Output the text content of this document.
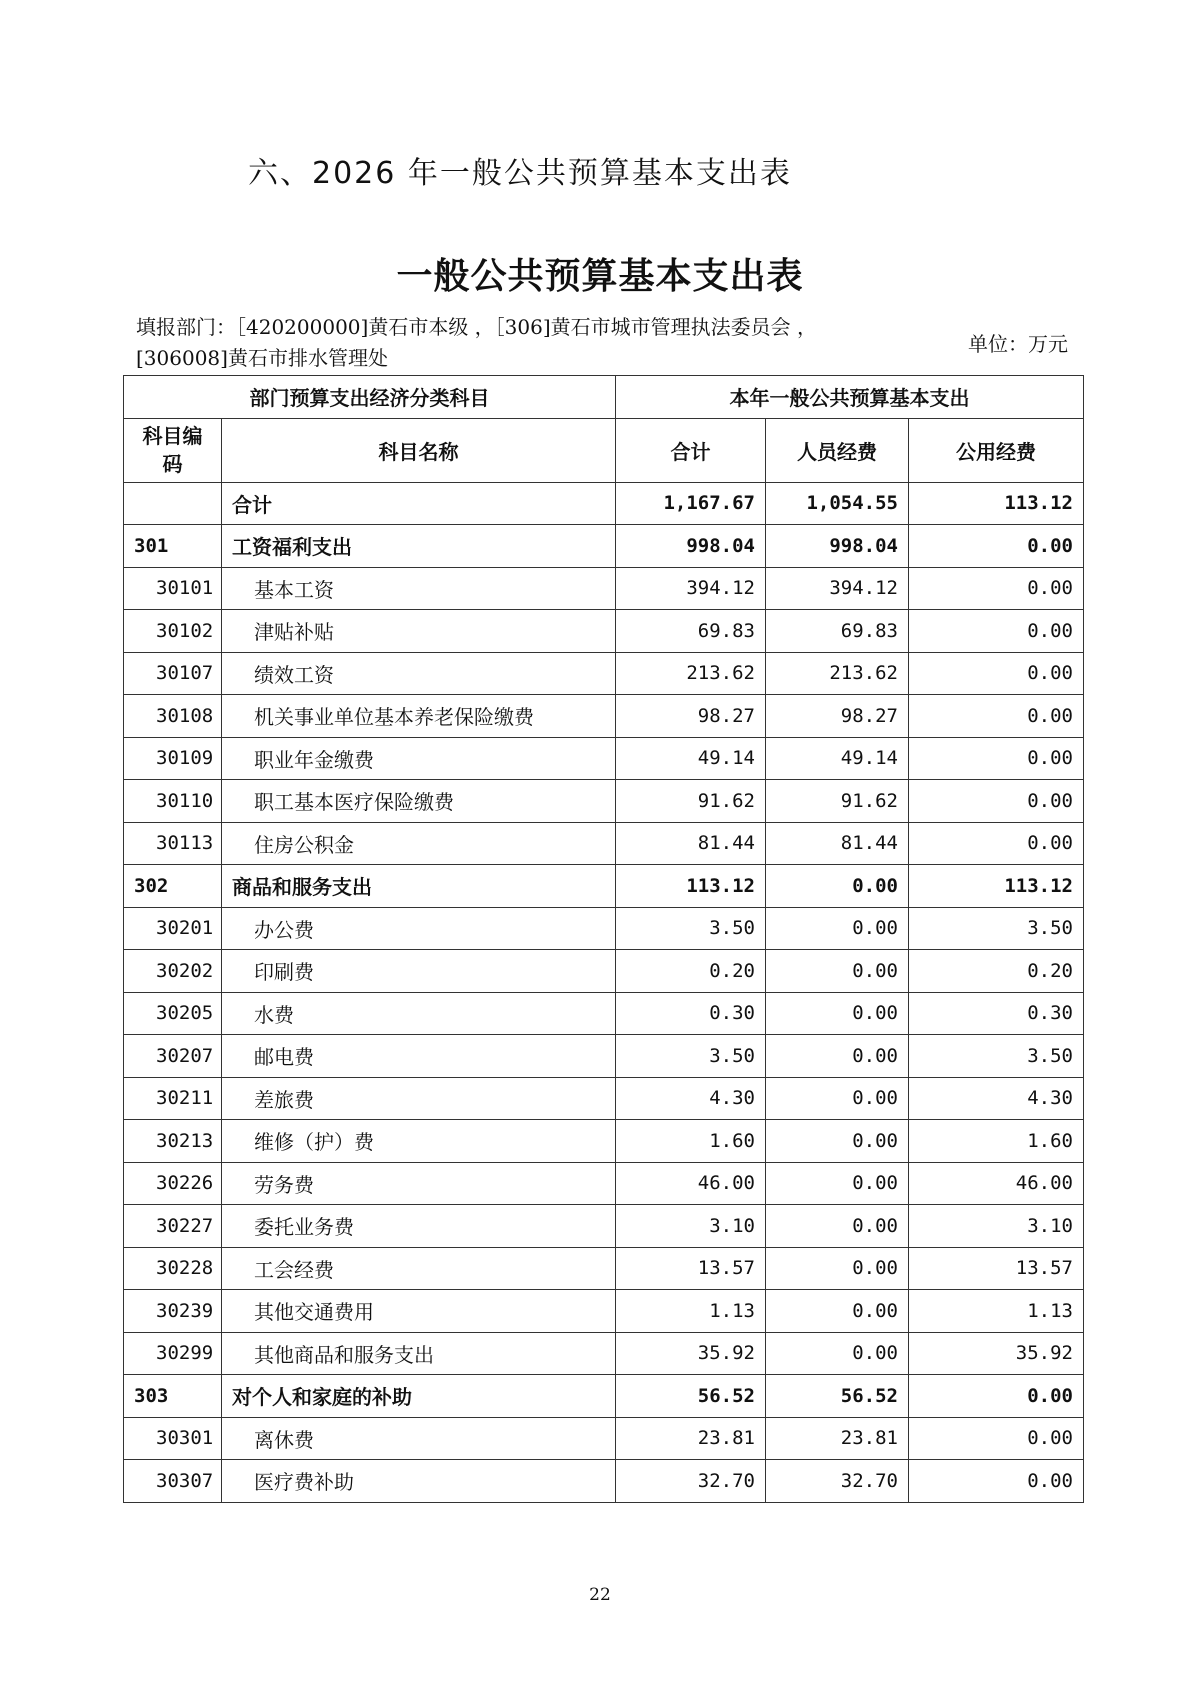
六、2026 年一般公共预算基本支出表
一般公共预算基本支出表
填报部门：［420200000]黄石市本级 ，［306]黄石市城市管理执法委员会 ，
[306008]黄石市排水管理处
单位：万元
部门预算支出经济分类科目		本年一般公共预算基本支出		
科目编码	科目名称	合计	人员经费	公用经费
	合计	1,167.67	1,054.55	113.12
301	工资福利支出	998.04	998.04	0.00
30101	基本工资	394.12	394.12	0.00
30102	津贴补贴	69.83	69.83	0.00
30107	绩效工资	213.62	213.62	0.00
30108	机关事业单位基本养老保险缴费	98.27	98.27	0.00
30109	职业年金缴费	49.14	49.14	0.00
30110	职工基本医疗保险缴费	91.62	91.62	0.00
30113	住房公积金	81.44	81.44	0.00
302	商品和服务支出	113.12	0.00	113.12
30201	办公费	3.50	0.00	3.50
30202	印刷费	0.20	0.00	0.20
30205	水费	0.30	0.00	0.30
30207	邮电费	3.50	0.00	3.50
30211	差旅费	4.30	0.00	4.30
30213	维修（护）费	1.60	0.00	1.60
30226	劳务费	46.00	0.00	46.00
30227	委托业务费	3.10	0.00	3.10
30228	工会经费	13.57	0.00	13.57
30239	其他交通费用	1.13	0.00	1.13
30299	其他商品和服务支出	35.92	0.00	35.92
303	对个人和家庭的补助	56.52	56.52	0.00
30301	离休费	23.81	23.81	0.00
30307	医疗费补助	32.70	32.70	0.00
22
